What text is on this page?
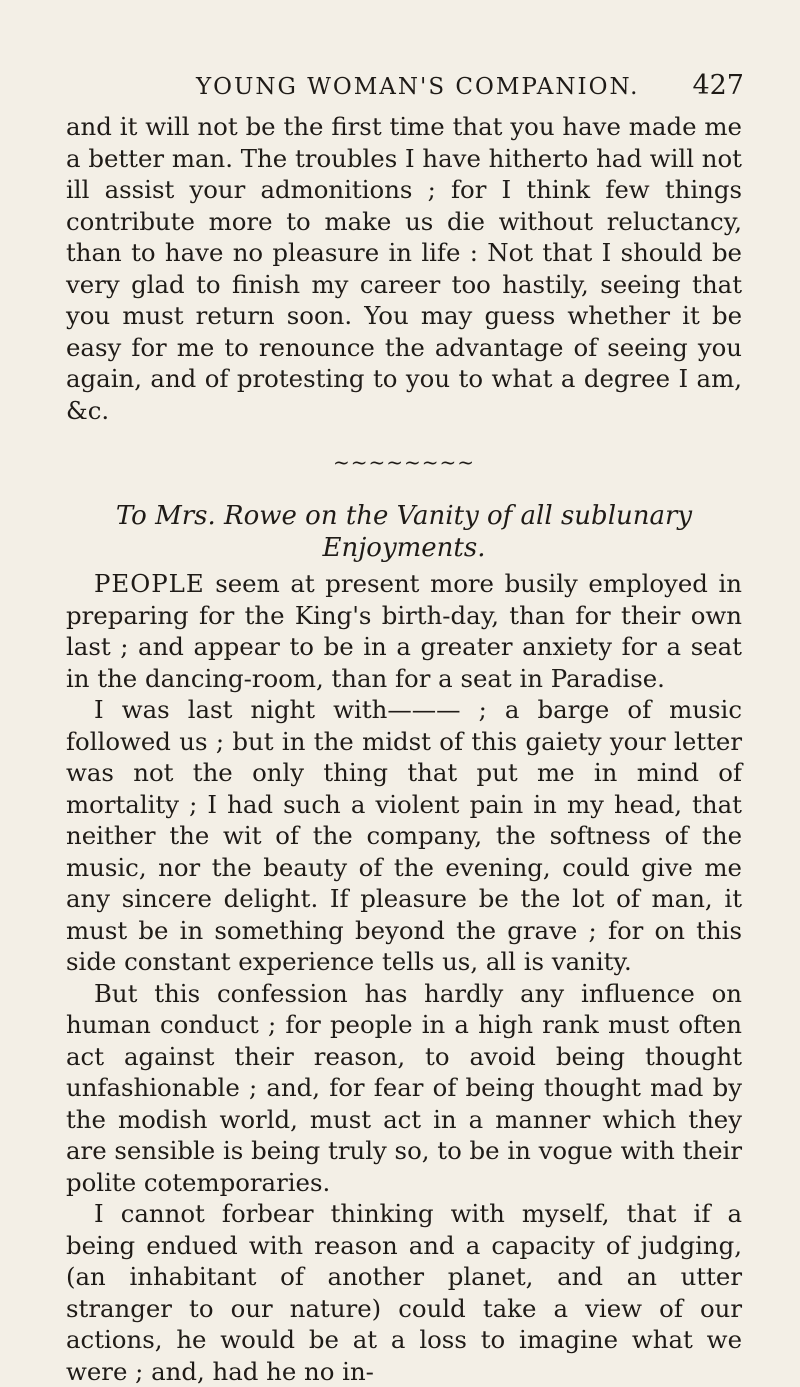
YOUNG WOMAN'S COMPANION. 427

and it will not be the first time that you have made me a better man. The troubles I have hitherto had will not ill assist your admonitions ; for I think few things contribute more to make us die without reluctancy, than to have no pleasure in life : Not that I should be very glad to finish my career too hastily, seeing that you must return soon. You may guess whether it be easy for me to renounce the advantage of seeing you again, and of protesting to you to what a degree I am, &c.

~~~~~~~~
To Mrs. Rowe on the Vanity of all sublunary Enjoyments.

PEOPLE seem at present more busily employed in preparing for the King's birth-day, than for their own last ; and appear to be in a greater anxiety for a seat in the dancing-room, than for a seat in Paradise.

I was last night with——— ; a barge of music followed us ; but in the midst of this gaiety your letter was not the only thing that put me in mind of mortality ; I had such a violent pain in my head, that neither the wit of the company, the softness of the music, nor the beauty of the evening, could give me any sincere delight. If pleasure be the lot of man, it must be in something beyond the grave ; for on this side constant experience tells us, all is vanity.

But this confession has hardly any influence on human conduct ; for people in a high rank must often act against their reason, to avoid being thought unfashionable ; and, for fear of being thought mad by the modish world, must act in a manner which they are sensible is being truly so, to be in vogue with their polite cotemporaries.

I cannot forbear thinking with myself, that if a being endued with reason and a capacity of judging, (an inhabitant of another planet, and an utter stranger to our nature) could take a view of our actions, he would be at a loss to imagine what we were ; and, had he no in-
